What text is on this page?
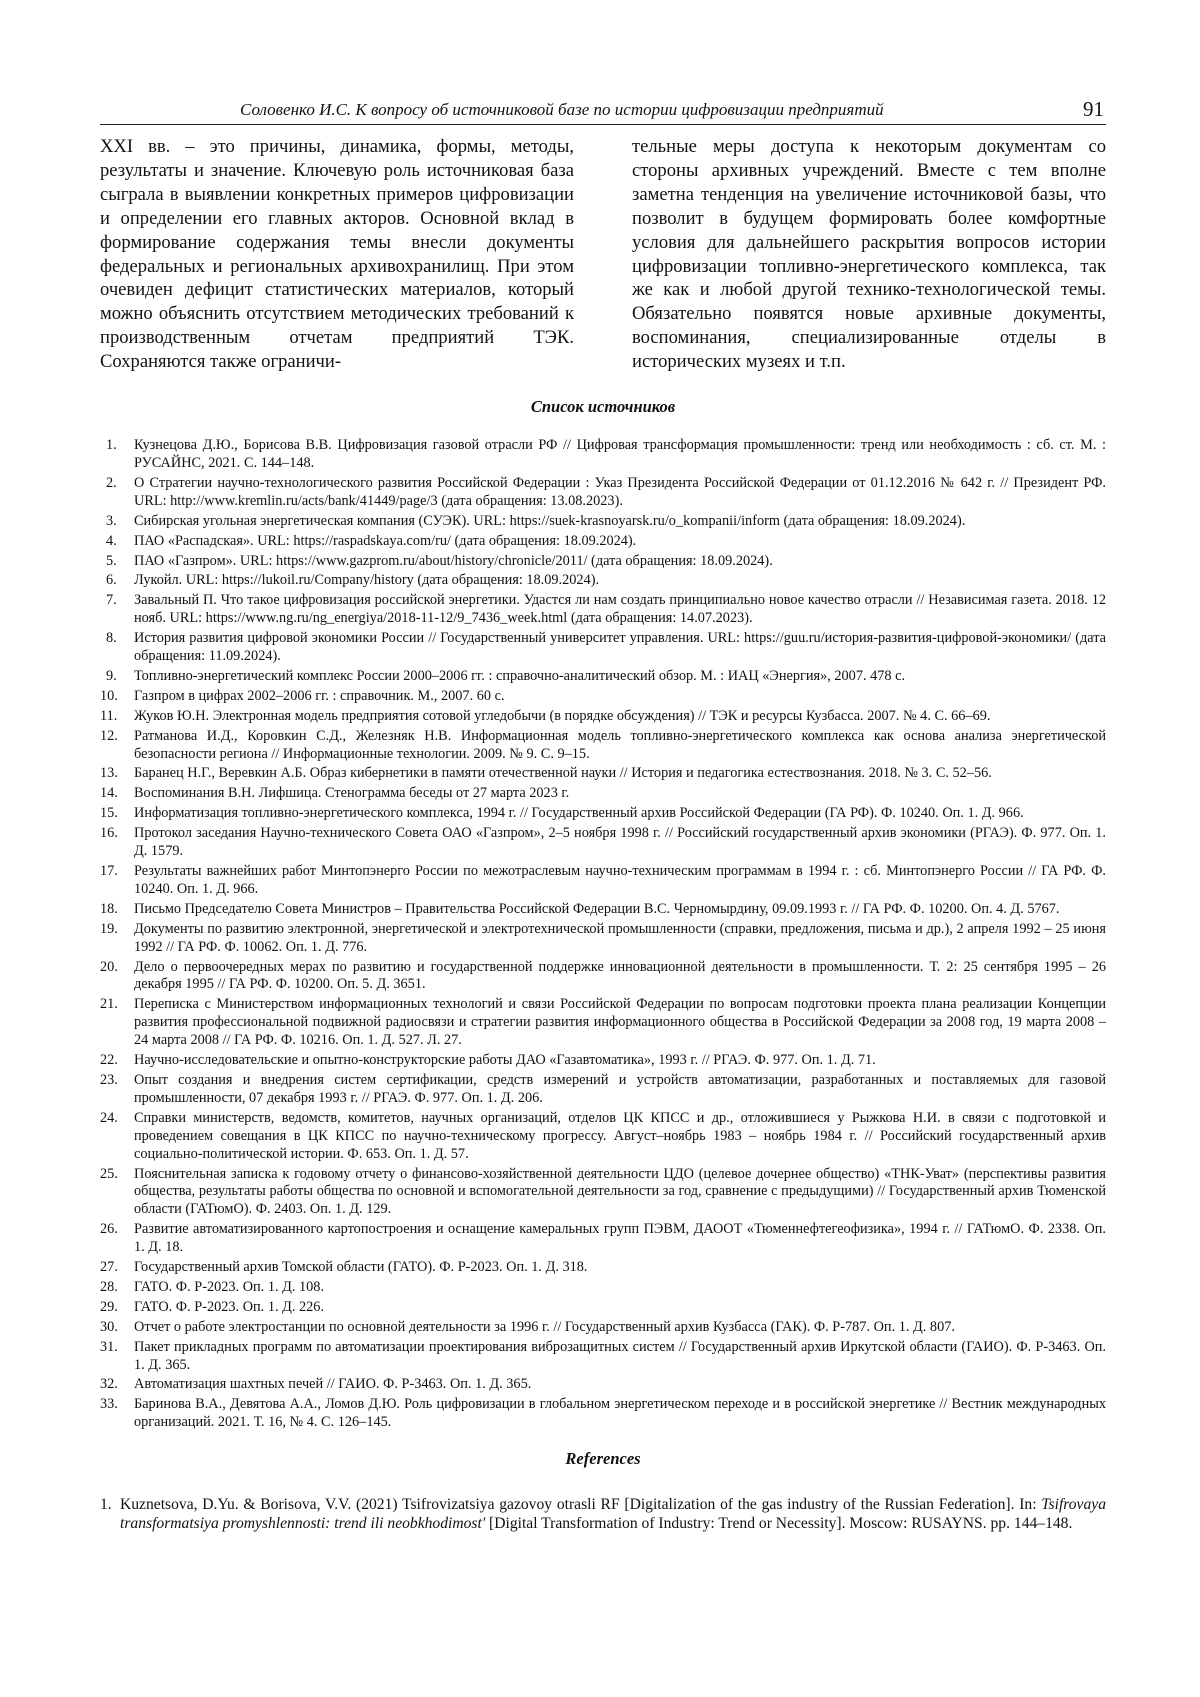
Соловенко И.С. К вопросу об источниковой базе по истории цифровизации предприятий	91

XXI вв. – это причины, динамика, формы, методы, результаты и значение. Ключевую роль источниковая база сыграла в выявлении конкретных примеров цифровизации и определении его главных акторов. Основной вклад в формирование содержания темы внесли документы федеральных и региональных архивохранилищ. При этом очевиден дефицит статистических материалов, который можно объяснить отсутствием методических требований к производственным отчетам предприятий ТЭК. Сохраняются также ограничи-

тельные меры доступа к некоторым документам со стороны архивных учреждений. Вместе с тем вполне заметна тенденция на увеличение источниковой базы, что позволит в будущем формировать более комфортные условия для дальнейшего раскрытия вопросов истории цифровизации топливно-энергетического комплекса, так же как и любой другой технико-технологической темы. Обязательно появятся новые архивные документы, воспоминания, специализированные отделы в исторических музеях и т.п.

Список источников
1.	Кузнецова Д.Ю., Борисова В.В. Цифровизация газовой отрасли РФ // Цифровая трансформация промышленности: тренд или необходимость : сб. ст. М. : РУСАЙНС, 2021. С. 144–148.
2.	О Стратегии научно-технологического развития Российской Федерации : Указ Президента Российской Федерации от 01.12.2016 № 642 г. // Президент РФ. URL: http://www.kremlin.ru/acts/bank/41449/page/3 (дата обращения: 13.08.2023).
3.	Сибирская угольная энергетическая компания (СУЭК). URL: https://suek-krasnoyarsk.ru/o_kompanii/inform (дата обращения: 18.09.2024).
4.	ПАО «Распадская». URL: https://raspadskaya.com/ru/ (дата обращения: 18.09.2024).
5.	ПАО «Газпром». URL: https://www.gazprom.ru/about/history/chronicle/2011/ (дата обращения: 18.09.2024).
6.	Лукойл. URL: https://lukoil.ru/Company/history (дата обращения: 18.09.2024).
7.	Завальный П. Что такое цифровизация российской энергетики. Удастся ли нам создать принципиально новое качество отрасли // Независимая газета. 2018. 12 нояб. URL: https://www.ng.ru/ng_energiya/2018-11-12/9_7436_week.html (дата обращения: 14.07.2023).
8.	История развития цифровой экономики России // Государственный университет управления. URL: https://guu.ru/история-развития-цифровой-экономики/ (дата обращения: 11.09.2024).
9.	Топливно-энергетический комплекс России 2000–2006 гг. : справочно-аналитический обзор. М. : ИАЦ «Энергия», 2007. 478 с.
10.	Газпром в цифрах 2002–2006 гг. : справочник. М., 2007. 60 с.
11.	Жуков Ю.Н. Электронная модель предприятия сотовой угледобычи (в порядке обсуждения) // ТЭК и ресурсы Кузбасса. 2007. № 4. С. 66–69.
12.	Ратманова И.Д., Коровкин С.Д., Железняк Н.В. Информационная модель топливно-энергетического комплекса как основа анализа энергетической безопасности региона // Информационные технологии. 2009. № 9. С. 9–15.
13.	Баранец Н.Г., Веревкин А.Б. Образ кибернетики в памяти отечественной науки // История и педагогика естествознания. 2018. № 3. С. 52–56.
14.	Воспоминания В.Н. Лифшица. Стенограмма беседы от 27 марта 2023 г.
15.	Информатизация топливно-энергетического комплекса, 1994 г. // Государственный архив Российской Федерации (ГА РФ). Ф. 10240. Оп. 1. Д. 966.
16.	Протокол заседания Научно-технического Совета ОАО «Газпром», 2–5 ноября 1998 г. // Российский государственный архив экономики (РГАЭ). Ф. 977. Оп. 1. Д. 1579.
17.	Результаты важнейших работ Минтопэнерго России по межотраслевым научно-техническим программам в 1994 г. : сб. Минтопэнерго России // ГА РФ. Ф. 10240. Оп. 1. Д. 966.
18.	Письмо Председателю Совета Министров – Правительства Российской Федерации В.С. Черномырдину, 09.09.1993 г. // ГА РФ. Ф. 10200. Оп. 4. Д. 5767.
19.	Документы по развитию электронной, энергетической и электротехнической промышленности (справки, предложения, письма и др.), 2 апреля 1992 – 25 июня 1992 // ГА РФ. Ф. 10062. Оп. 1. Д. 776.
20.	Дело о первоочередных мерах по развитию и государственной поддержке инновационной деятельности в промышленности. Т. 2: 25 сентября 1995 – 26 декабря 1995 // ГА РФ. Ф. 10200. Оп. 5. Д. 3651.
21.	Переписка с Министерством информационных технологий и связи Российской Федерации по вопросам подготовки проекта плана реализации Концепции развития профессиональной подвижной радиосвязи и стратегии развития информационного общества в Российской Федерации за 2008 год, 19 марта 2008 – 24 марта 2008 // ГА РФ. Ф. 10216. Оп. 1. Д. 527. Л. 27.
22.	Научно-исследовательские и опытно-конструкторские работы ДАО «Газавтоматика», 1993 г. // РГАЭ. Ф. 977. Оп. 1. Д. 71.
23.	Опыт создания и внедрения систем сертификации, средств измерений и устройств автоматизации, разработанных и поставляемых для газовой промышленности, 07 декабря 1993 г. // РГАЭ. Ф. 977. Оп. 1. Д. 206.
24.	Справки министерств, ведомств, комитетов, научных организаций, отделов ЦК КПСС и др., отложившиеся у Рыжкова Н.И. в связи с подготовкой и проведением совещания в ЦК КПСС по научно-техническому прогрессу. Август–ноябрь 1983 – ноябрь 1984 г. // Российский государственный архив социально-политической истории. Ф. 653. Оп. 1. Д. 57.
25.	Пояснительная записка к годовому отчету о финансово-хозяйственной деятельности ЦДО (целевое дочернее общество) «ТНК-Уват» (перспективы развития общества, результаты работы общества по основной и вспомогательной деятельности за год, сравнение с предыдущими) // Государственный архив Тюменской области (ГАТюмО). Ф. 2403. Оп. 1. Д. 129.
26.	Развитие автоматизированного картопостроения и оснащение камеральных групп ПЭВМ, ДАООТ «Тюменнефтегеофизика», 1994 г. // ГАТюмО. Ф. 2338. Оп. 1. Д. 18.
27.	Государственный архив Томской области (ГАТО). Ф. Р-2023. Оп. 1. Д. 318.
28.	ГАТО. Ф. Р-2023. Оп. 1. Д. 108.
29.	ГАТО. Ф. Р-2023. Оп. 1. Д. 226.
30.	Отчет о работе электростанции по основной деятельности за 1996 г. // Государственный архив Кузбасса (ГАК). Ф. Р-787. Оп. 1. Д. 807.
31.	Пакет прикладных программ по автоматизации проектирования виброзащитных систем // Государственный архив Иркутской области (ГАИО). Ф. Р-3463. Оп. 1. Д. 365.
32.	Автоматизация шахтных печей // ГАИО. Ф. Р-3463. Оп. 1. Д. 365.
33.	Баринова В.А., Девятова А.А., Ломов Д.Ю. Роль цифровизации в глобальном энергетическом переходе и в российской энергетике // Вестник международных организаций. 2021. Т. 16, № 4. С. 126–145.
References
1. Kuznetsova, D.Yu. & Borisova, V.V. (2021) Tsifrovizatsiya gazovoy otrasli RF [Digitalization of the gas industry of the Russian Federation]. In: Tsifrovaya transformatsiya promyshlennosti: trend ili neobkhodimost' [Digital Transformation of Industry: Trend or Necessity]. Moscow: RUSAYNS. pp. 144–148.
